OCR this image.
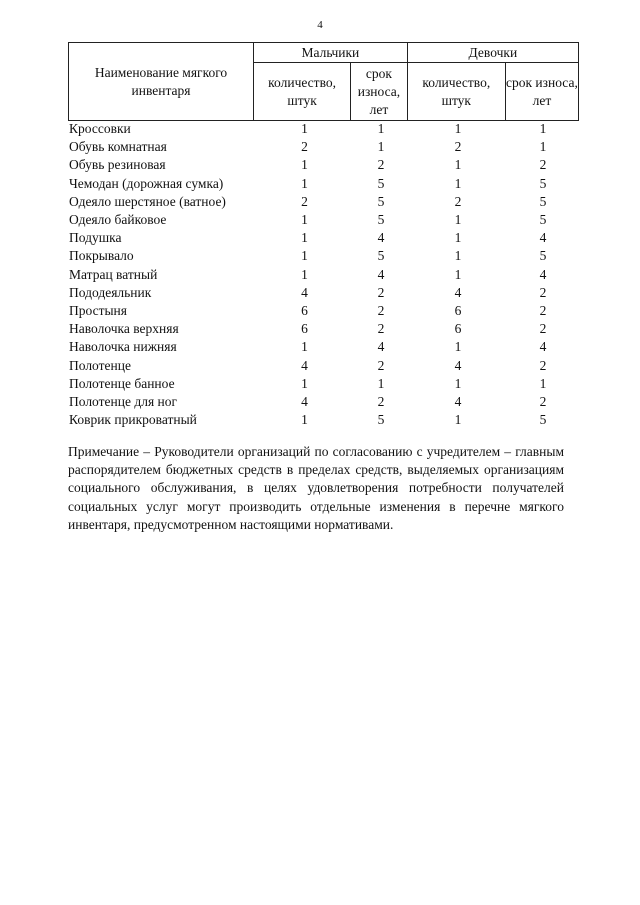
4
Наименование мягкого инвентаря	Мальчики		Девочки	
	количество, штук	срок износа, лет	количество, штук	срок износа, лет
Кроссовки	1	1	1	1
Обувь комнатная	2	1	2	1
Обувь резиновая	1	2	1	2
Чемодан (дорожная сумка)	1	5	1	5
Одеяло шерстяное (ватное)	2	5	2	5
Одеяло байковое	1	5	1	5
Подушка	1	4	1	4
Покрывало	1	5	1	5
Матрац ватный	1	4	1	4
Пододеяльник	4	2	4	2
Простыня	6	2	6	2
Наволочка верхняя	6	2	6	2
Наволочка нижняя	1	4	1	4
Полотенце	4	2	4	2
Полотенце банное	1	1	1	1
Полотенце для ног	4	2	4	2
Коврик прикроватный	1	5	1	5
Примечание – Руководители организаций по согласованию с учредителем – главным распорядителем бюджетных средств в пределах средств, выделяемых организациям социального обслуживания, в целях удовлетворения потребности получателей социальных услуг могут производить отдельные изменения в перечне мягкого инвентаря, предусмотренном настоящими нормативами.
